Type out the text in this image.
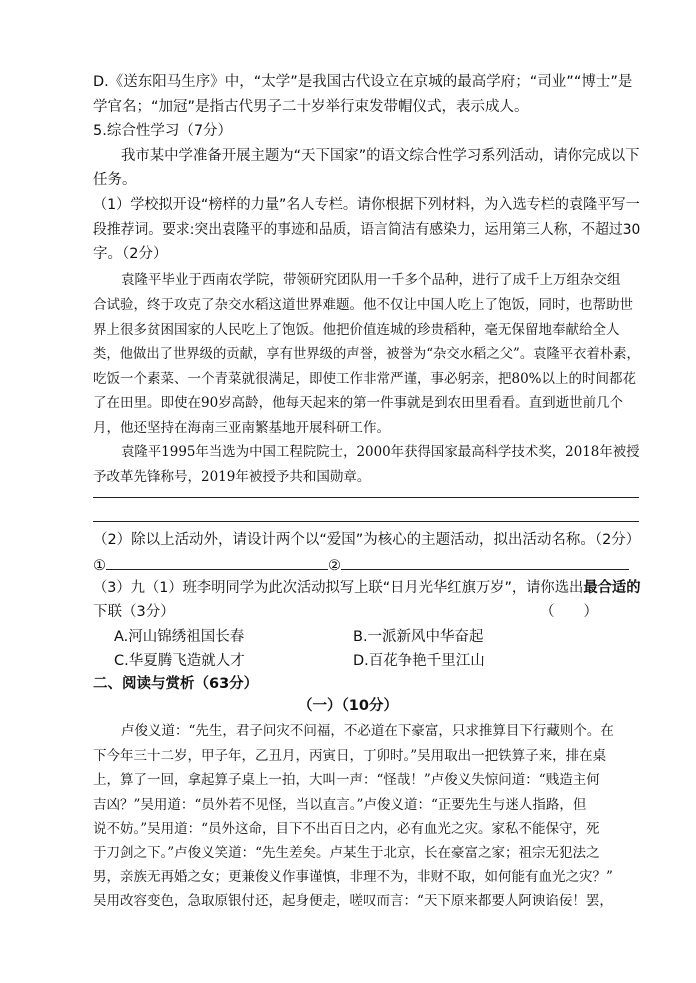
D.《送东阳马生序》中，“太学”是我国古代设立在京城的最高学府；“司业”“博士”是
学官名；“加冠”是指古代男子二十岁举行束发带帽仪式，表示成人。
5.综合性学习（7分）
我市某中学准备开展主题为“天下国家”的语文综合性学习系列活动，请你完成以下
任务。
（1）学校拟开设“榜样的力量”名人专栏。请你根据下列材料，为入选专栏的袁隆平写一
段推荐词。要求:突出袁隆平的事迹和品质，语言简洁有感染力，运用第三人称，不超过30
字。（2分）
袁隆平毕业于西南农学院，带领研究团队用一千多个品种，进行了成千上万组杂交组
合试验，终于攻克了杂交水稻这道世界难题。他不仅让中国人吃上了饱饭，同时，也帮助世
界上很多贫困国家的人民吃上了饱饭。他把价值连城的珍贵稻种，毫无保留地奉献给全人
类，他做出了世界级的贡献，享有世界级的声誉，被誉为“杂交水稻之父”。袁隆平衣着朴素，
吃饭一个素菜、一个青菜就很满足，即使工作非常严谨，事必躬亲，把80%以上的时间都花
了在田里。即使在90岁高龄，他每天起来的第一件事就是到农田里看看。直到逝世前几个
月，他还坚持在海南三亚南繁基地开展科研工作。
袁隆平1995年当选为中国工程院院士，2000年获得国家最高科学技术奖，2018年被授
予改革先锋称号，2019年被授予共和国勋章。
（2）除以上活动外，请设计两个以“爱国”为核心的主题活动，拟出活动名称。（2分）
①	②
（3）九（1）班李明同学为此次活动拟写上联“日月光华红旗万岁”，请你选出最合适的
下联（3分）	（　　）
A.河山锦绣祖国长春	B.一派新风中华奋起
C.华夏腾飞造就人才	D.百花争艳千里江山
二、阅读与赏析（63分）
（一）（10分）
卢俊义道：“先生，君子问灾不问福，不必道在下豪富，只求推算目下行藏则个。在
下今年三十二岁，甲子年，乙丑月，丙寅日，丁卯时。”吴用取出一把铁算子来，排在桌
上，算了一回，拿起算子桌上一拍，大叫一声：“怪哉！”卢俊义失惊问道：“贱造主何
吉凶？”吴用道：“员外若不见怪，当以直言。”卢俊义道：“正要先生与迷人指路，但
说不妨。”吴用道：“员外这命，目下不出百日之内，必有血光之灾。家私不能保守，死
于刀剑之下。”卢俊义笑道：“先生差矣。卢某生于北京，长在豪富之家；祖宗无犯法之
男，亲族无再婚之女；更兼俊义作事谨慎，非理不为，非财不取，如何能有血光之灾？”
吴用改容变色，急取原银付还，起身便走，嗟叹而言：“天下原来都要人阿谀谄佞！罢，
